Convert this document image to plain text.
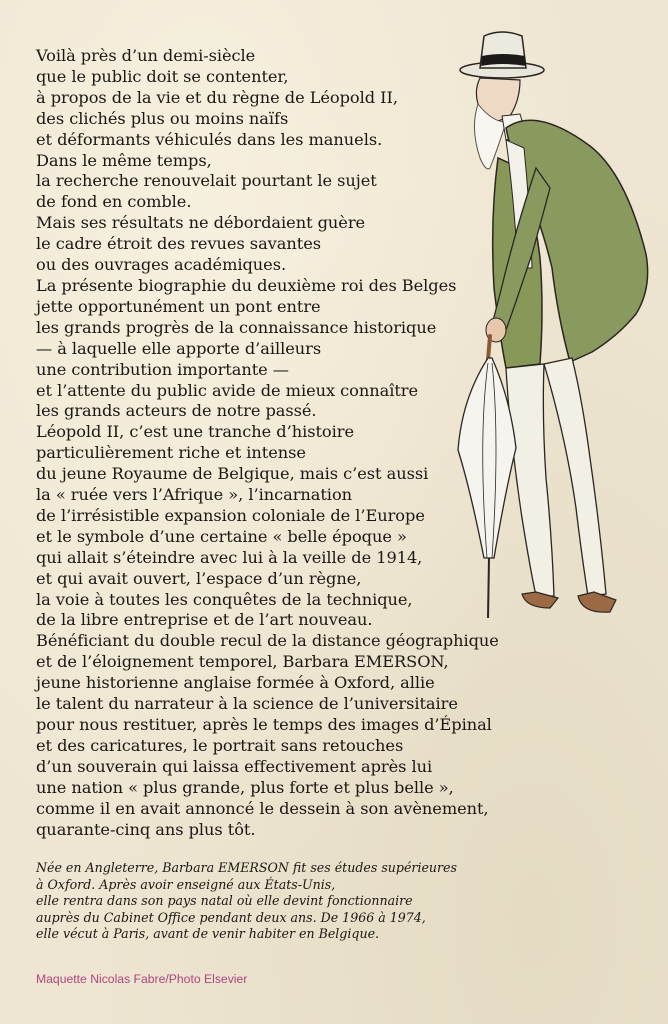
Voilà près d’un demi-siècle
que le public doit se contenter,
à propos de la vie et du règne de Léopold II,
des clichés plus ou moins naïfs
et déformants véhiculés dans les manuels.
Dans le même temps,
la recherche renouvelait pourtant le sujet
de fond en comble.
Mais ses résultats ne débordaient guère
le cadre étroit des revues savantes
ou des ouvrages académiques.
La présente biographie du deuxième roi des Belges
jette opportunément un pont entre
les grands progrès de la connaissance historique
— à laquelle elle apporte d’ailleurs
une contribution importante —
et l’attente du public avide de mieux connaître
les grands acteurs de notre passé.
Léopold II, c’est une tranche d’histoire
particulièrement riche et intense
du jeune Royaume de Belgique, mais c’est aussi
la « ruée vers l’Afrique », l’incarnation
de l’irrésistible expansion coloniale de l’Europe
et le symbole d’une certaine « belle époque »
qui allait s’éteindre avec lui à la veille de 1914,
et qui avait ouvert, l’espace d’un règne,
la voie à toutes les conquêtes de la technique,
de la libre entreprise et de l’art nouveau.
Bénéficiant du double recul de la distance géographique
et de l’éloignement temporel, Barbara EMERSON,
jeune historienne anglaise formée à Oxford, allie
le talent du narrateur à la science de l’universitaire
pour nous restituer, après le temps des images d’Épinal
et des caricatures, le portrait sans retouches
d’un souverain qui laissa effectivement après lui
une nation « plus grande, plus forte et plus belle »,
comme il en avait annoncé le dessein à son avènement,
quarante-cinq ans plus tôt.
Née en Angleterre, Barbara EMERSON fit ses études supérieures
à Oxford. Après avoir enseigné aux États-Unis,
elle rentra dans son pays natal où elle devint fonctionnaire
auprès du Cabinet Office pendant deux ans. De 1966 à 1974,
elle vécut à Paris, avant de venir habiter en Belgique.
Maquette Nicolas Fabre/Photo Elsevier
